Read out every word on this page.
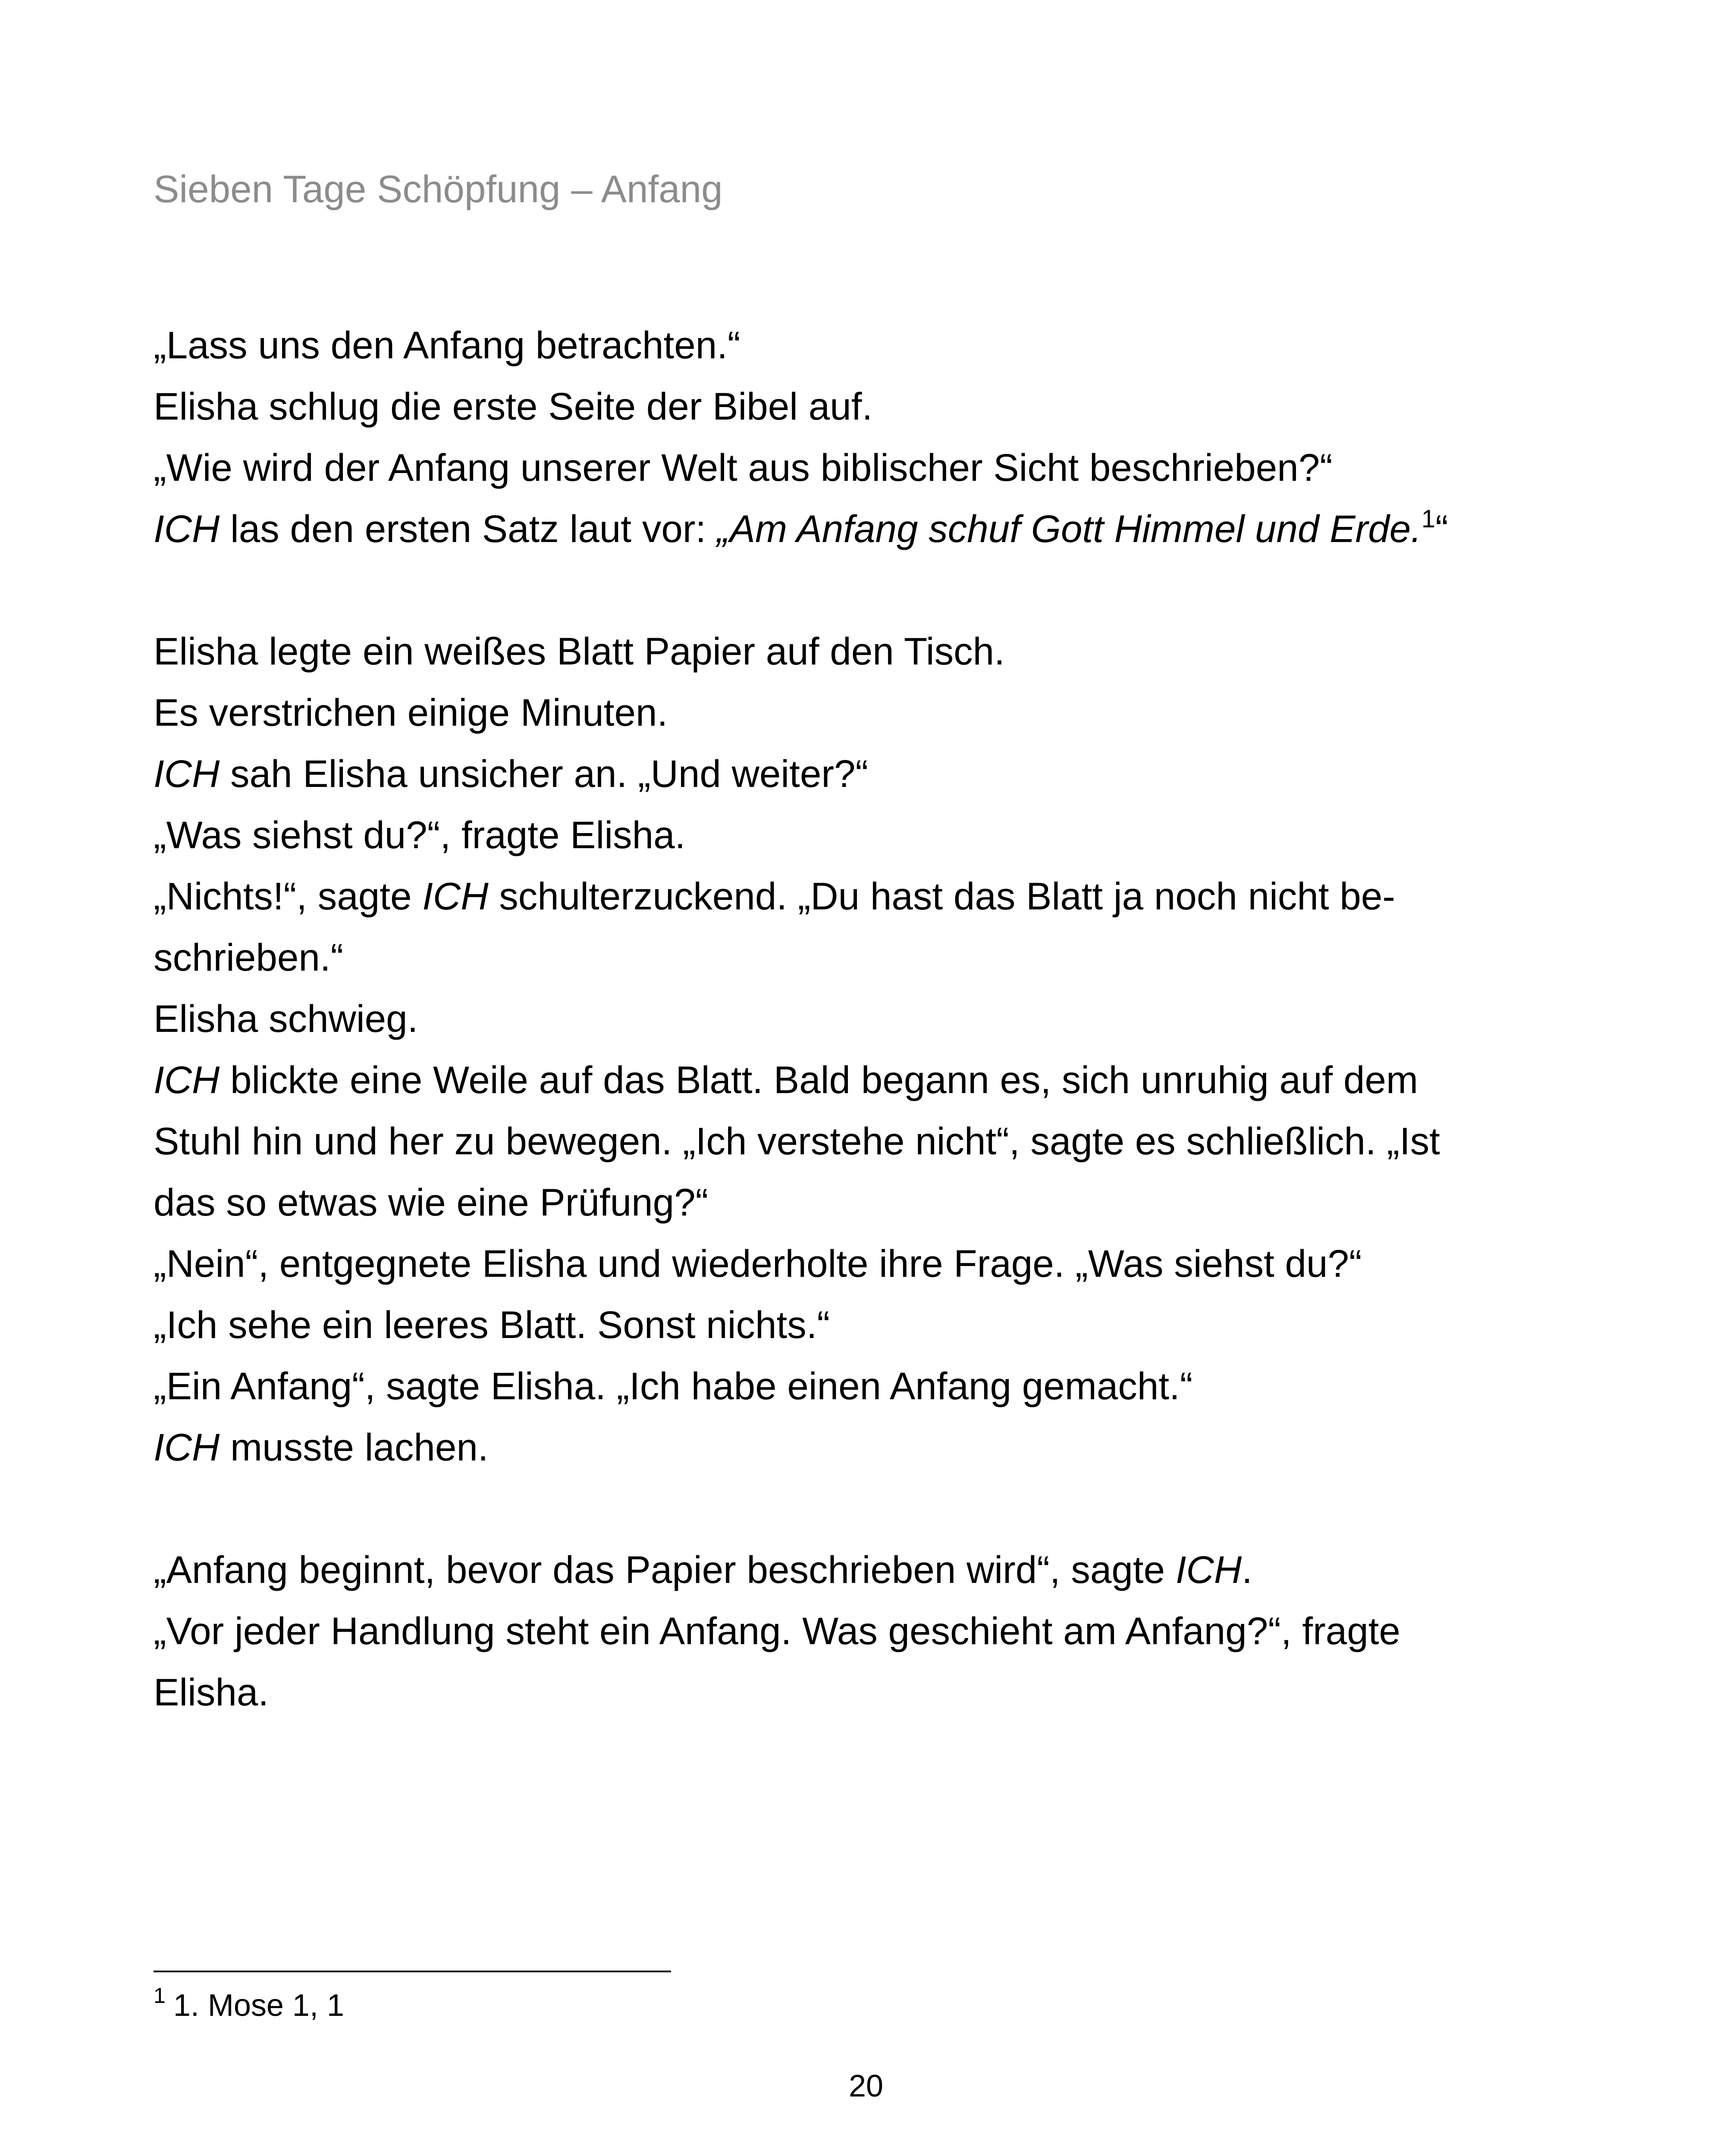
Sieben Tage Schöpfung – Anfang
„Lass uns den Anfang betrachten.“
Elisha schlug die erste Seite der Bibel auf.
„Wie wird der Anfang unserer Welt aus biblischer Sicht beschrieben?“
ICH las den ersten Satz laut vor: „Am Anfang schuf Gott Himmel und Erde.$^1$“
Elisha legte ein weißes Blatt Papier auf den Tisch.
Es verstrichen einige Minuten.
ICH sah Elisha unsicher an. „Und weiter?“
„Was siehst du?“, fragte Elisha.
„Nichts!“, sagte ICH schulterzuckend. „Du hast das Blatt ja noch nicht be-
schrieben.“
Elisha schwieg.
ICH blickte eine Weile auf das Blatt. Bald begann es, sich unruhig auf dem
Stuhl hin und her zu bewegen. „Ich verstehe nicht“, sagte es schließlich. „Ist
das so etwas wie eine Prüfung?“
„Nein“, entgegnete Elisha und wiederholte ihre Frage. „Was siehst du?“
„Ich sehe ein leeres Blatt. Sonst nichts.“
„Ein Anfang“, sagte Elisha. „Ich habe einen Anfang gemacht.“
ICH musste lachen.
„Anfang beginnt, bevor das Papier beschrieben wird“, sagte ICH.
„Vor jeder Handlung steht ein Anfang. Was geschieht am Anfang?“, fragte
Elisha.
$^1$ 1. Mose 1, 1
20
